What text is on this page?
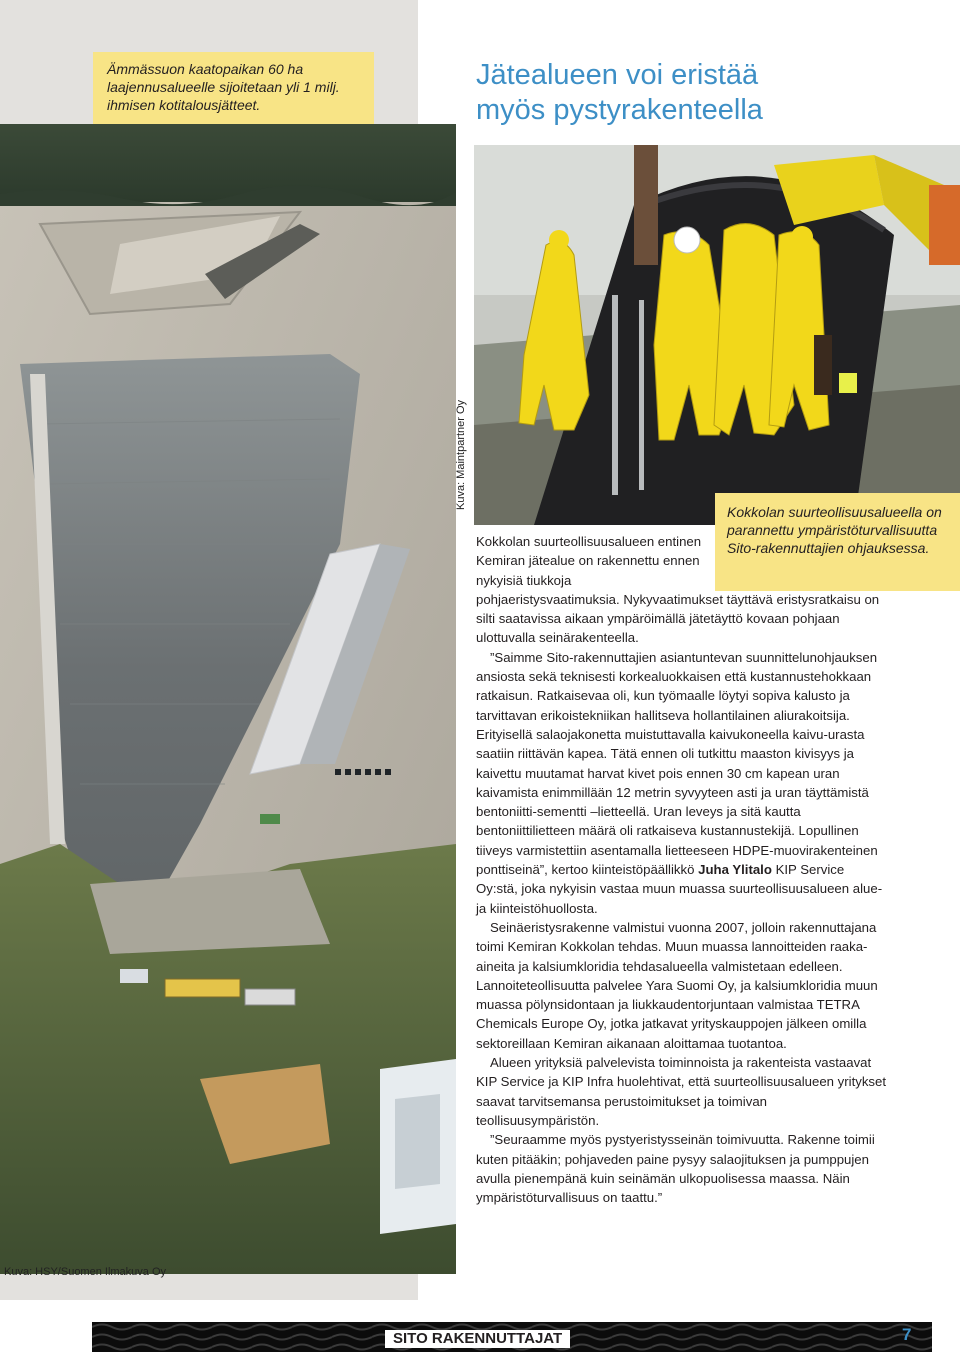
Ämmässuon kaatopaikan 60 ha laajennusalueelle sijoitetaan yli 1 milj. ihmisen kotitalousjätteet.
Jätealueen voi eristää
myös pystyrakenteella
Kuva: HSY/Suomen Ilmakuva Oy
Kuva: Maintpartner Oy
Kokkolan suurteollisuusalueella on parannettu ympäristöturvallisuutta Sito-rakennuttajien ohjauksessa.

Kokkolan suurteollisuusalueen entinen Kemiran jätealue on rakennettu ennen nykyisiä tiukkoja

pohjaeristysvaatimuksia. Nykyvaatimukset täyttävä eristysratkaisu on silti saatavissa aikaan ympäröimällä jätetäyttö kovaan pohjaan ulottuvalla seinärakenteella.

”Saimme Sito-rakennuttajien asiantuntevan suunnittelunohjauksen ansiosta sekä teknisesti korkealuokkaisen että kustannustehokkaan ratkaisun. Ratkaisevaa oli, kun työmaalle löytyi sopiva kalusto ja tarvittavan erikoistekniikan hallitseva hollantilainen aliurakoitsija. Erityisellä salaojakonetta muistuttavalla kaivukoneella kaivu-urasta saatiin riittävän kapea. Tätä ennen oli tutkittu maaston kivisyys ja kaivettu muutamat harvat kivet pois ennen 30 cm kapean uran kaivamista enimmillään 12 metrin syvyyteen asti ja uran täyttämistä bentoniitti-sementti –lietteellä. Uran leveys ja sitä kautta bentoniittilietteen määrä oli ratkaiseva kustannustekijä. Lopullinen tiiveys varmistettiin asentamalla lietteeseen HDPE-muovirakenteinen ponttiseinä”, kertoo kiinteistöpäällikkö Juha Ylitalo KIP Service Oy:stä, joka nykyisin vastaa muun muassa suurteollisuusalueen alue- ja kiinteistöhuollosta.

Seinäeristysrakenne valmistui vuonna 2007, jolloin rakennuttajana toimi Kemiran Kokkolan tehdas. Muun muassa lannoitteiden raaka-aineita ja kalsiumkloridia tehdasalueella valmistetaan edelleen. Lannoiteteollisuutta palvelee Yara Suomi Oy, ja kalsiumkloridia muun muassa pölynsidontaan ja liukkaudentorjuntaan valmistaa TETRA Chemicals Europe Oy, jotka jatkavat yrityskauppojen jälkeen omilla sektoreillaan Kemiran aikanaan aloittamaa tuotantoa.

Alueen yrityksiä palvelevista toiminnoista ja rakenteista vastaavat KIP Service ja KIP Infra huolehtivat, että suurteollisuusalueen yritykset saavat tarvitsemansa perustoimitukset ja toimivan teollisuusympäristön.

”Seuraamme myös pystyeristysseinän toimivuutta. Rakenne toimii kuten pitääkin; pohjaveden paine pysyy salaojituksen ja pumppujen avulla pienempänä kuin seinämän ulkopuolisessa maassa. Näin ympäristöturvallisuus on taattu.”

SITO RAKENNUTTAJAT	7
